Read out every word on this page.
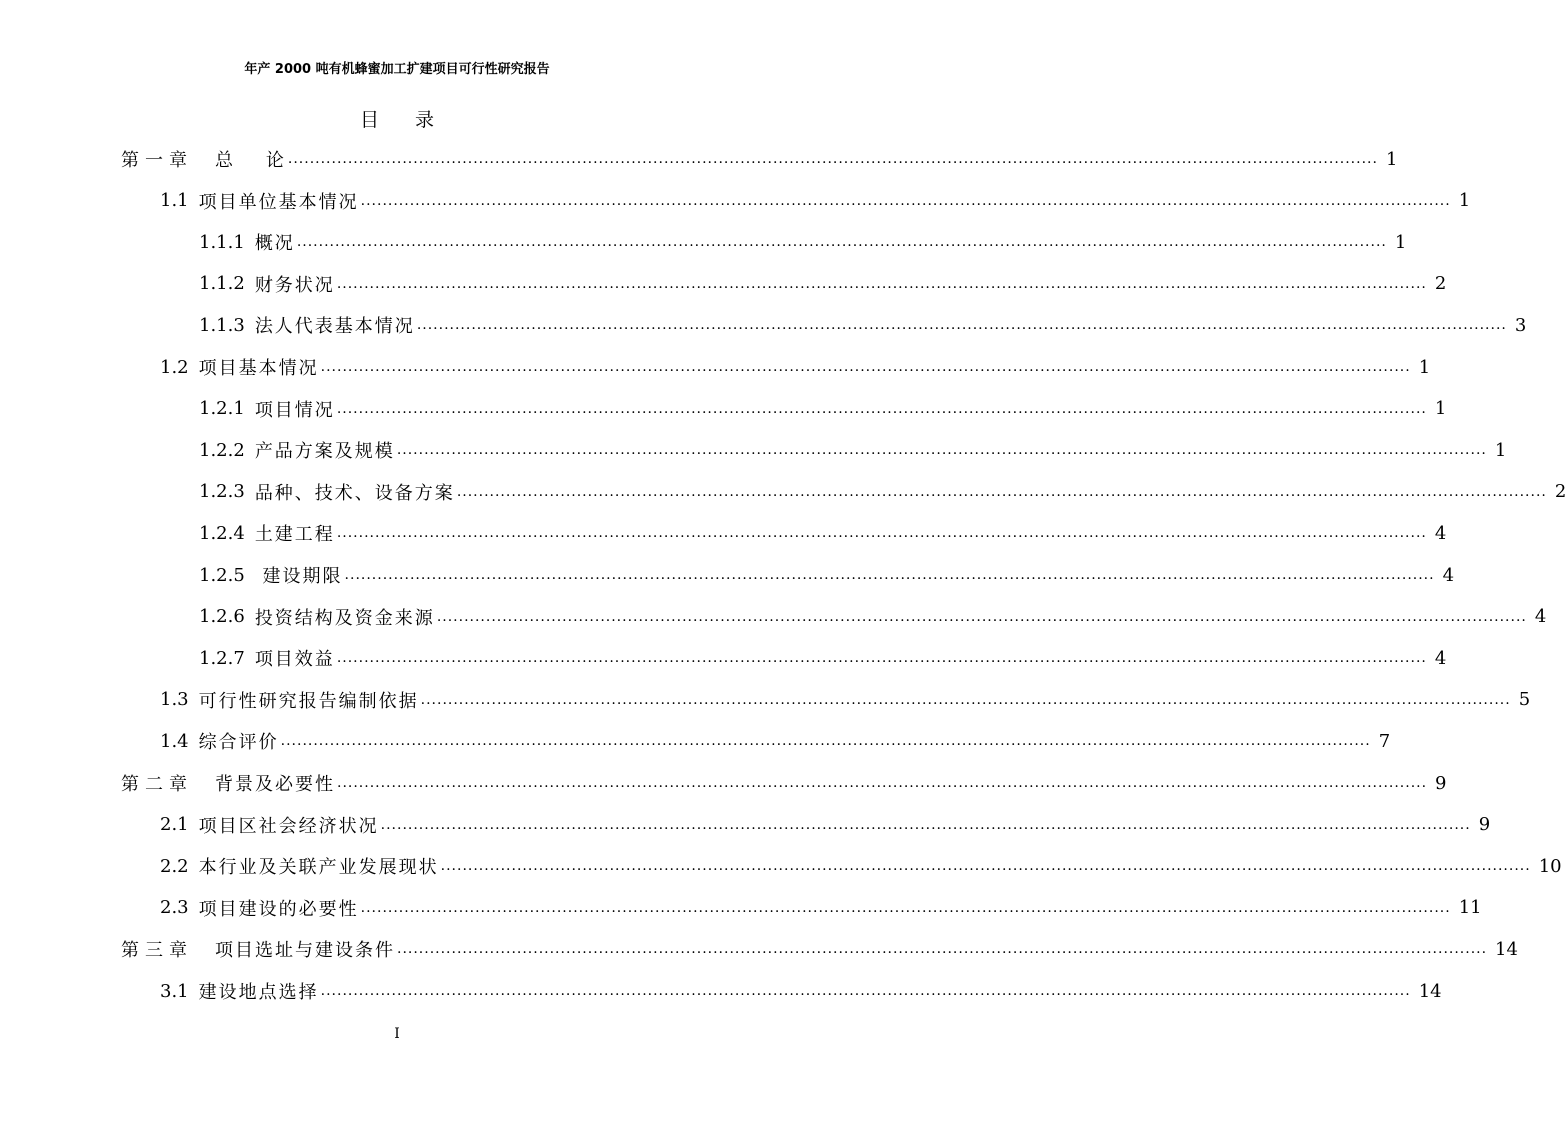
年产 2000 吨有机蜂蜜加工扩建项目可行性研究报告
目录
第一章 总    论 ........................................................................................................................................................................................................ 1
1.1 项目单位基本情况 ........................................................................................................................................................................................................ 1
1.1.1 概况 ........................................................................................................................................................................................................ 1
1.1.2 财务状况 ........................................................................................................................................................................................................ 2
1.1.3 法人代表基本情况 ........................................................................................................................................................................................................ 3
1.2 项目基本情况 ........................................................................................................................................................................................................ 1
1.2.1 项目情况 ........................................................................................................................................................................................................ 1
1.2.2 产品方案及规模 ........................................................................................................................................................................................................ 1
1.2.3 品种、技术、设备方案 ........................................................................................................................................................................................................ 2
1.2.4 土建工程 ........................................................................................................................................................................................................ 4
1.2.5 建设期限 ........................................................................................................................................................................................................ 4
1.2.6 投资结构及资金来源 ........................................................................................................................................................................................................ 4
1.2.7 项目效益 ........................................................................................................................................................................................................ 4
1.3 可行性研究报告编制依据 ........................................................................................................................................................................................................ 5
1.4 综合评价 ........................................................................................................................................................................................................ 7
第二章 背景及必要性 ........................................................................................................................................................................................................ 9
2.1 项目区社会经济状况 ........................................................................................................................................................................................................ 9
2.2 本行业及关联产业发展现状 ........................................................................................................................................................................................................ 10
2.3 项目建设的必要性 ........................................................................................................................................................................................................ 11
第三章 项目选址与建设条件 ........................................................................................................................................................................................................ 14
3.1 建设地点选择 ........................................................................................................................................................................................................ 14
I
